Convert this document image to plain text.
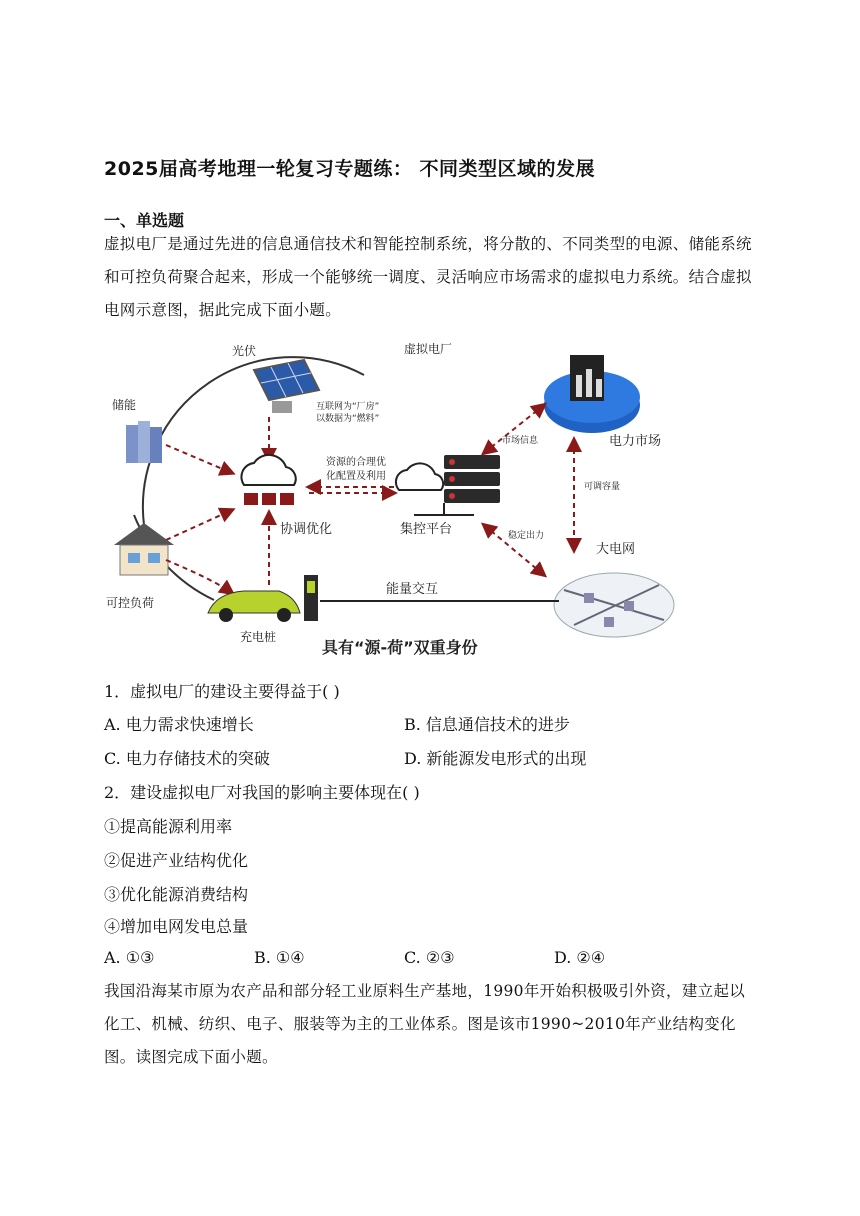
2025届高考地理一轮复习专题练： 不同类型区域的发展
一、单选题
虚拟电厂是通过先进的信息通信技术和智能控制系统，将分散的、不同类型的电源、储能系统和可控负荷聚合起来，形成一个能够统一调度、灵活响应市场需求的虚拟电力系统。结合虚拟电网示意图，据此完成下面小题。
光伏	虚拟电厂
储能	互联网为“厂房”
以数据为“燃料”
协调优化
资源的合理优
化配置及利用
集控平台
电力市场
市场信息
可调容量
稳定出力
大电网
可控负荷
充电桩
能量交互
具有“源-荷”双重身份
1．虚拟电厂的建设主要得益于( )
A. 电力需求快速增长	B. 信息通信技术的进步
C. 电力存储技术的突破	D. 新能源发电形式的出现
2．建设虚拟电厂对我国的影响主要体现在( )
①提高能源利用率
②促进产业结构优化
③优化能源消费结构
④增加电网发电总量
A. ①③	B. ①④	C. ②③	D. ②④
我国沿海某市原为农产品和部分轻工业原料生产基地，1990年开始积极吸引外资，建立起以化工、机械、纺织、电子、服装等为主的工业体系。图是该市1990~2010年产业结构变化图。读图完成下面小题。
